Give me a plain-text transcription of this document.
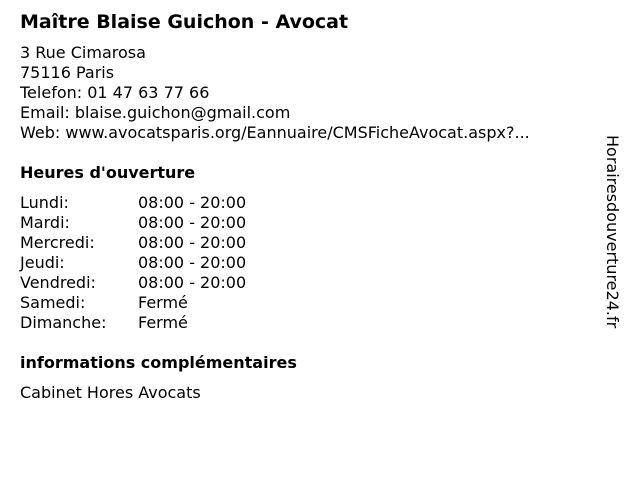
Maître Blaise Guichon - Avocat
3 Rue Cimarosa
75116 Paris
Telefon: 01 47 63 77 66
Email: blaise.guichon@gmail.com
Web: www.avocatsparis.org/Eannuaire/CMSFicheAvocat.aspx?...
Heures d'ouverture
Lundi:	08:00 - 20:00
Mardi:	08:00 - 20:00
Mercredi:	08:00 - 20:00
Jeudi:	08:00 - 20:00
Vendredi:	08:00 - 20:00
Samedi:	Fermé
Dimanche:	Fermé
informations complémentaires
Cabinet Hores Avocats
Horairesdouverture24.fr
